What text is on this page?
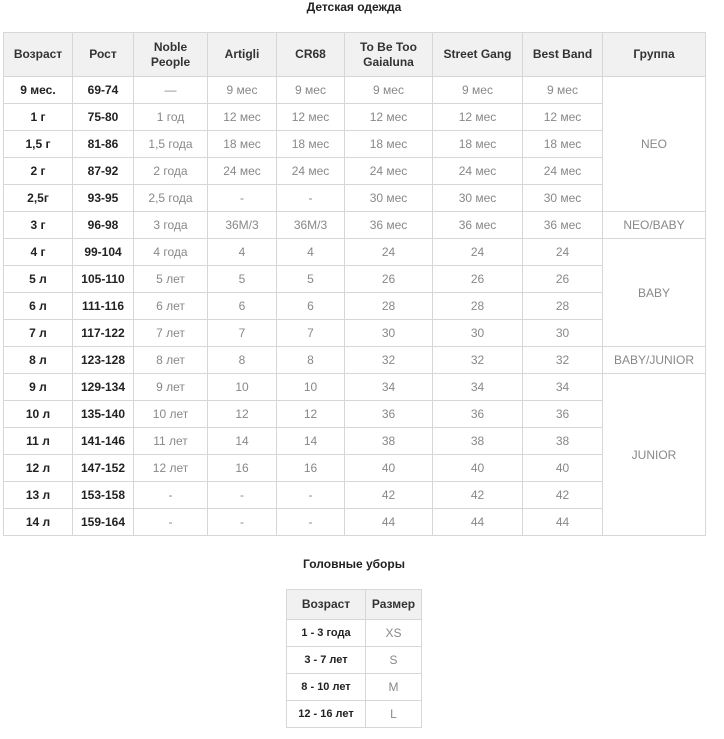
Детская одежда
Возраст	Рост	Noble People	Artigli	CR68	To Be Too Gaialuna	Street Gang	Best Band	Группа
9 мес.	69-74	—	9 мес	9 мес	9 мес	9 мес	9 мес	NEO
1 г	75-80	1 год	12 мес	12 мес	12 мес	12 мес	12 мес	
1,5 г	81-86	1,5 года	18 мес	18 мес	18 мес	18 мес	18 мес	
2 г	87-92	2 года	24 мес	24 мес	24 мес	24 мес	24 мес	
2,5г	93-95	2,5 года	-	-	30 мес	30 мес	30 мес	
3 г	96-98	3 года	36M/3	36M/3	36 мес	36 мес	36 мес	NEO/BABY
4 г	99-104	4 года	4	4	24	24	24	BABY
5 л	105-110	5 лет	5	5	26	26	26	
6 л	111-116	6 лет	6	6	28	28	28	
7 л	117-122	7 лет	7	7	30	30	30	
8 л	123-128	8 лет	8	8	32	32	32	BABY/JUNIOR
9 л	129-134	9 лет	10	10	34	34	34	JUNIOR
10 л	135-140	10 лет	12	12	36	36	36	
11 л	141-146	11 лет	14	14	38	38	38	
12 л	147-152	12 лет	16	16	40	40	40	
13 л	153-158	-	-	-	42	42	42	
14 л	159-164	-	-	-	44	44	44	
Головные уборы
Возраст	Размер
1 - 3 года	XS
3 - 7 лет	S
8 - 10 лет	M
12 - 16 лет	L
